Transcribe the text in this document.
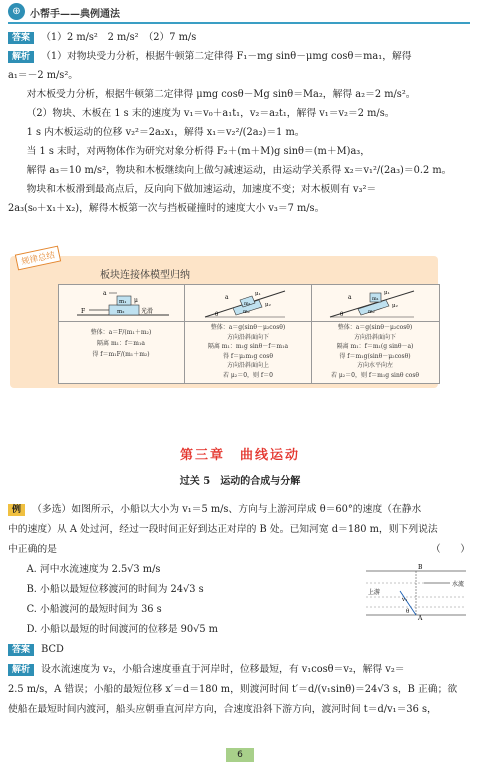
⊕ 小帮手——典例通法
答案 （1）2 m/s²　2 m/s²　（2）7 m/s
解析 （1）对物块受力分析，根据牛顿第二定律得 F₁－mg sinθ－μmg cosθ＝ma₁，解得
a₁＝－2 m/s²。
对木板受力分析，根据牛顿第二定律得 μmg cosθ－Mg sinθ＝Ma₂，解得 a₂＝2 m/s²。
（2）物块、木板在 1 s 末的速度为 v₁＝v₀＋a₁t₁，v₂＝a₂t₁，解得 v₁＝v₂＝2 m/s。
1 s 内木板运动的位移 v₂²＝2a₂x₁，解得 x₁＝v₂²/(2a₂)＝1 m。
当 1 s 末时，对两物体作为研究对象分析得 F₂＋(m＋M)g sinθ＝(m＋M)a₃，
解得 a₃＝10 m/s²，物块和木板继续向上做匀减速运动，由运动学关系得 x₂＝v₁²/(2a₃)＝0.2 m。
物块和木板滑到最高点后，反向向下做加速运动，加速度不变；对木板则有 v₃²＝
2a₃(s₀＋x₁＋x₂)，解得木板第一次与挡板碰撞时的速度大小 v₃＝7 m/s。
规律总结
板块连接体模型归纳
a
m₁ μ
F	m₂	光滑
a
m₁
μ₁
m₂
μ₂
θ
a	m₁
μ₁
m₂
μ₂
θ
整体：a＝F/(m₁＋m₂)
隔离 m₁：f＝m₁a
得 f＝m₁F/(m₁＋m₂)
整体：a＝g(sinθ－μ₂cosθ)
方向沿斜面向下
隔离 m₁：m₁g sinθ－f＝m₁a
得 f＝μ₂m₁g cosθ
方向沿斜面向上
若 μ₂＝0，则 f＝0
整体：a＝g(sinθ－μ₂cosθ)
方向沿斜面向下
隔离 m₁：f＝m₁(g sinθ－a)
得 f＝m₁g(sinθ－μ₂cosθ)
方向水平向左
若 μ₂＝0，则 f＝m₁g sinθ cosθ
第三章　曲线运动
过关 5　运动的合成与分解
例 （多选）如图所示，小船以大小为 v₁＝5 m/s、方向与上游河岸成 θ＝60°的速度（在静水
中的速度）从 A 处过河，经过一段时间正好到达正对岸的 B 处。已知河宽 d＝180 m，则下列说法
中正确的是	（　　）
A. 河中水流速度为 2.5√3 m/s
B. 小船以最短位移渡河的时间为 24√3 s
C. 小船渡河的最短时间为 36 s
D. 小船以最短的时间渡河的位移是 90√5 m
答案 BCD
解析 设水流速度为 v₂，小船合速度垂直于河岸时，位移最短，有 v₁cosθ＝v₂，解得 v₂＝
2.5 m/s，A 错误；小船的最短位移 x′＝d＝180 m，则渡河时间 t′＝d/(v₁sinθ)＝24√3 s，B 正确；欲
使船在最短时间内渡河，船头应朝垂直河岸方向，合速度沿斜下游方向，渡河时间 t＝d/v₁＝36 s，
B
水流
上游
v₁
θ
A
6
